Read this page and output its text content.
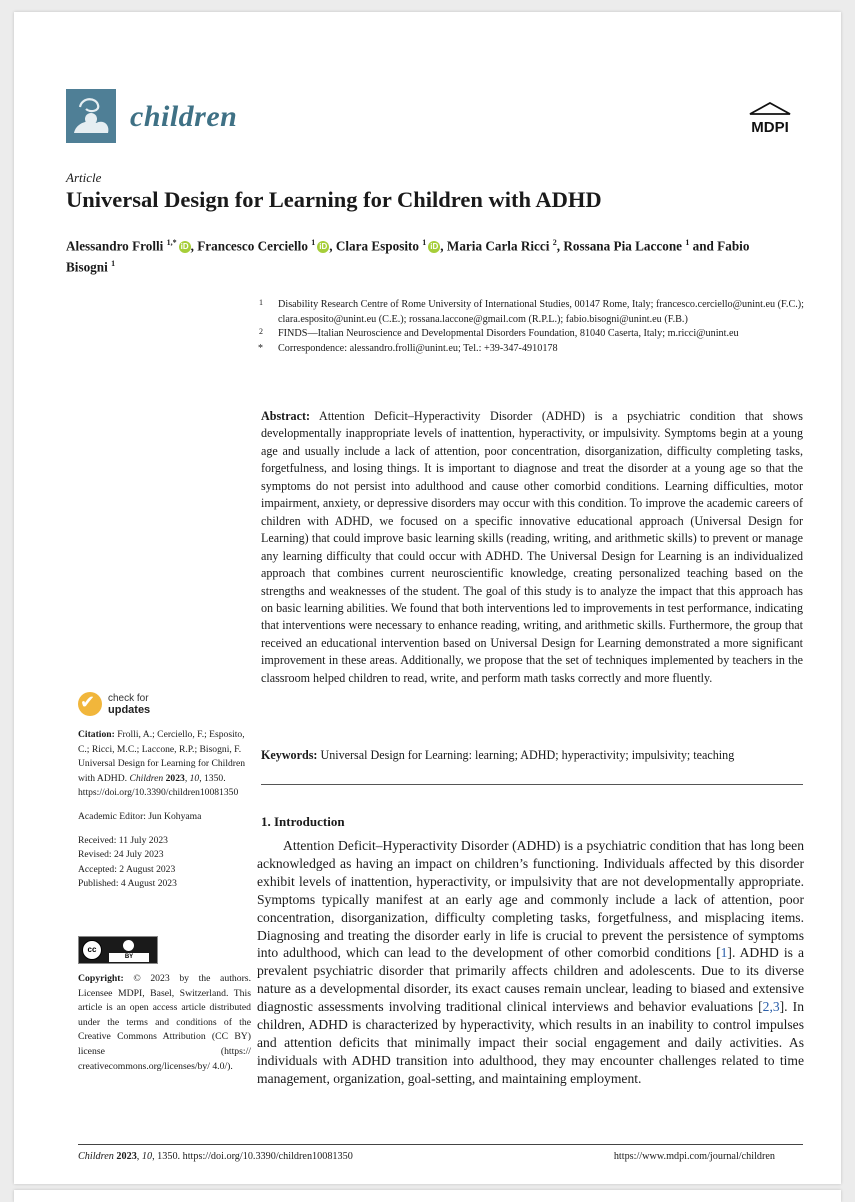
children	MDPI
Article
Universal Design for Learning for Children with ADHD
Alessandro Frolli $^{1,*}$ iD , Francesco Cerciello $^1$ iD , Clara Esposito $^1$ iD , Maria Carla Ricci $^2$, Rossana Pia Laccone $^1$ and Fabio Bisogni $^1$
1 Disability Research Centre of Rome University of International Studies, 00147 Rome, Italy; francesco.cerciello@unint.eu (F.C.); clara.esposito@unint.eu (C.E.); rossana.laccone@gmail.com (R.P.L.); fabio.bisogni@unint.eu (F.B.)
2 FINDS—Italian Neuroscience and Developmental Disorders Foundation, 81040 Caserta, Italy; m.ricci@unint.eu
* Correspondence: alessandro.frolli@unint.eu; Tel.: +39-347-4910178
Abstract: Attention Deficit–Hyperactivity Disorder (ADHD) is a psychiatric condition that shows developmentally inappropriate levels of inattention, hyperactivity, or impulsivity. Symptoms begin at a young age and usually include a lack of attention, poor concentration, disorganization, difficulty completing tasks, forgetfulness, and losing things. It is important to diagnose and treat the disorder at a young age so that the symptoms do not persist into adulthood and cause other comorbid conditions. Learning difficulties, motor impairment, anxiety, or depressive disorders may occur with this condition. To improve the academic careers of children with ADHD, we focused on a specific innovative educational approach (Universal Design for Learning) that could improve basic learning skills (reading, writing, and arithmetic skills) to prevent or manage any learning difficulty that could occur with ADHD. The Universal Design for Learning is an individualized approach that combines current neuroscientific knowledge, creating personalized teaching based on the strengths and weaknesses of the student. The goal of this study is to analyze the impact that this approach has on basic learning abilities. We found that both interventions led to improvements in test performance, indicating that interventions were necessary to enhance reading, writing, and arithmetic skills. Furthermore, the group that received an educational intervention based on Universal Design for Learning demonstrated a more significant improvement in these areas. Additionally, we propose that the set of techniques implemented by teachers in the classroom helped children to read, write, and perform math tasks correctly and more fluently.
Keywords: Universal Design for Learning: learning; ADHD; hyperactivity; impulsivity; teaching
1. Introduction
Attention Deficit–Hyperactivity Disorder (ADHD) is a psychiatric condition that has long been acknowledged as having an impact on children’s functioning. Individuals affected by this disorder exhibit levels of inattention, hyperactivity, or impulsivity that are not developmentally appropriate. Symptoms typically manifest at an early age and commonly include a lack of attention, poor concentration, disorganization, difficulty completing tasks, forgetfulness, and misplacing items. Diagnosing and treating the disorder early in life is crucial to prevent the persistence of symptoms into adulthood, which can lead to the development of other comorbid conditions [1]. ADHD is a prevalent psychiatric disorder that primarily affects children and adolescents. Due to its diverse nature as a developmental disorder, its exact causes remain unclear, leading to biased and extensive diagnostic assessments involving traditional clinical interviews and behavior evaluations [2,3]. In children, ADHD is characterized by hyperactivity, which results in an inability to control impulses and attention deficits that minimally impact their social engagement and daily activities. As individuals with ADHD transition into adulthood, they may encounter challenges related to time management, organization, goal-setting, and maintaining employment.
✔ check for
updates

Citation: Frolli, A.; Cerciello, F.; Esposito, C.; Ricci, M.C.; Laccone, R.P.; Bisogni, F. Universal Design for Learning for Children with ADHD. Children 2023, 10, 1350. https://doi.org/10.3390/children10081350

Academic Editor: Jun Kohyama

Received: 11 July 2023

Revised: 24 July 2023

Accepted: 2 August 2023

Published: 4 August 2023

cc
BY
Copyright: © 2023 by the authors. Licensee MDPI, Basel, Switzerland. This article is an open access article distributed under the terms and conditions of the Creative Commons Attribution (CC BY) license (https:// creativecommons.org/licenses/by/ 4.0/).
Children 2023, 10, 1350. https://doi.org/10.3390/children10081350	https://www.mdpi.com/journal/children
